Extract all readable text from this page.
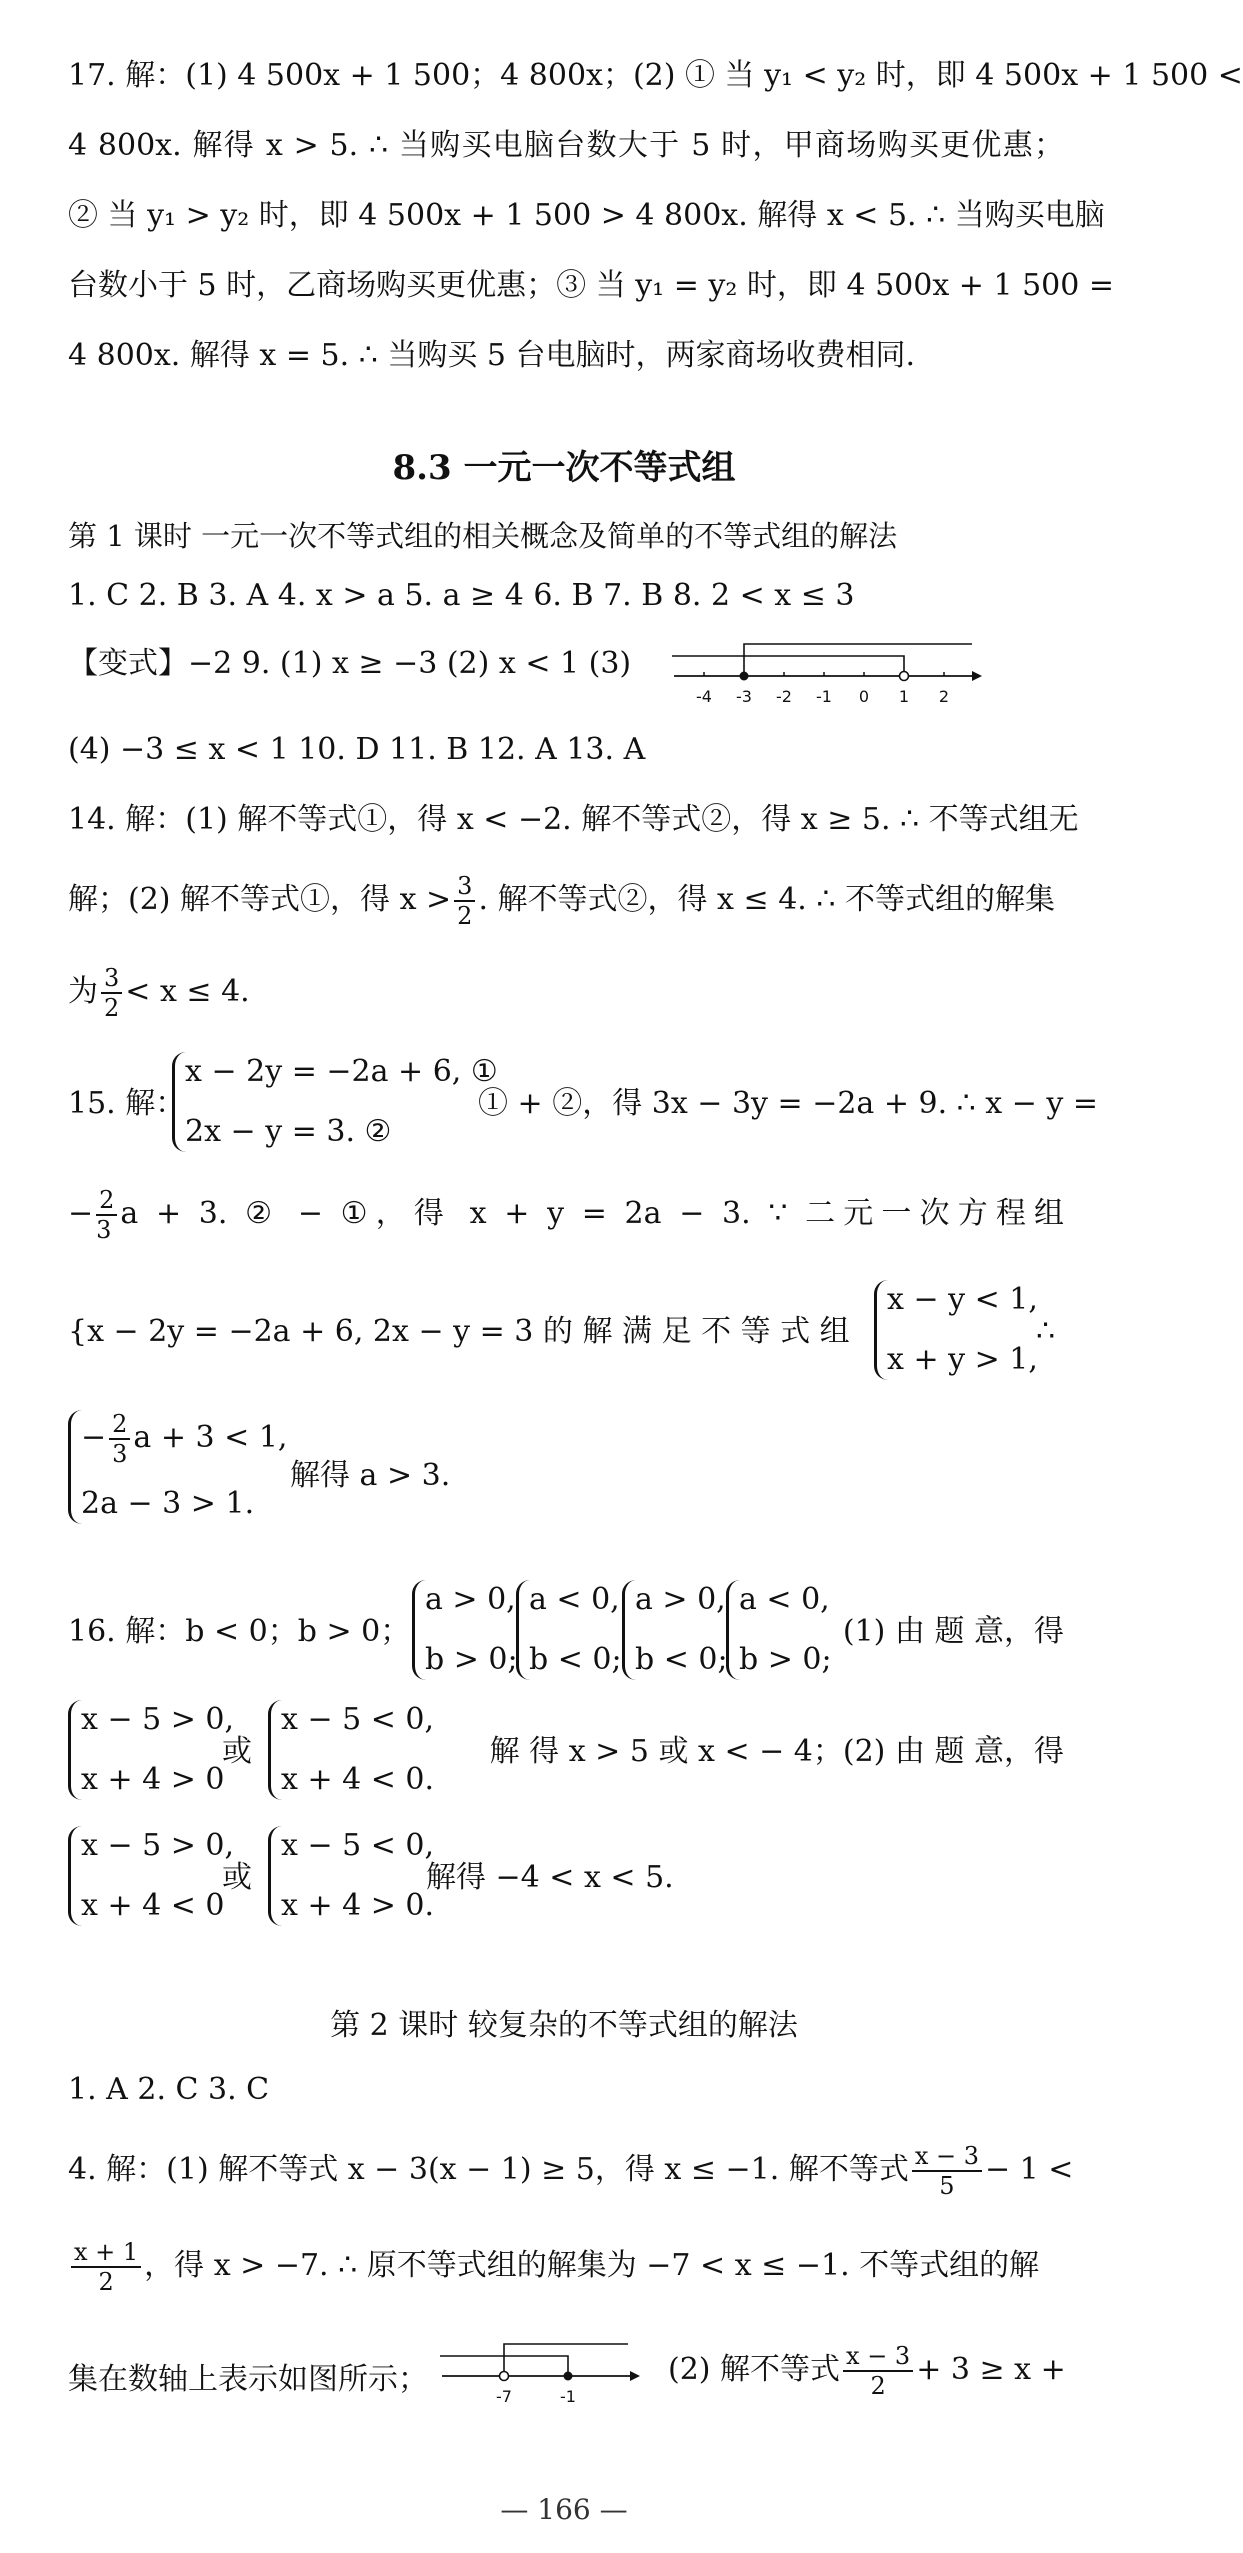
17. 解：(1) 4 500x + 1 500；4 800x；(2) ① 当 y₁ < y₂ 时，即 4 500x + 1 500 <
4 800x. 解得 x > 5. ∴ 当购买电脑台数大于 5 时，甲商场购买更优惠；
② 当 y₁ > y₂ 时，即 4 500x + 1 500 > 4 800x. 解得 x < 5. ∴ 当购买电脑
台数小于 5 时，乙商场购买更优惠；③ 当 y₁ = y₂ 时，即 4 500x + 1 500 =
4 800x. 解得 x = 5. ∴ 当购买 5 台电脑时，两家商场收费相同.
8.3 一元一次不等式组
第 1 课时 一元一次不等式组的相关概念及简单的不等式组的解法
1. C 2. B 3. A 4. x > a 5. a ≥ 4 6. B 7. B 8. 2 < x ≤ 3
【变式】−2 9. (1) x ≥ −3 (2) x < 1 (3)
-4 -3 -2 -1 0 1 2
(4) −3 ≤ x < 1 10. D 11. B 12. A 13. A
14. 解：(1) 解不等式①，得 x < −2. 解不等式②，得 x ≥ 5. ∴ 不等式组无
解；(2) 解不等式①，得 $x > \frac{3}{2}$ . 解不等式②，得 x ≤ 4. ∴ 不等式组的解集
为 $\frac{3}{2} < x \le 4$.
15. 解：
x − 2y = −2a + 6, ①
2x − y = 3. ②
① + ②，得 3x − 3y = −2a + 9. ∴ x − y =
− $\frac{2}{3}$ a + 3. ② − ①，得 x + y = 2a − 3. ∵ 二元一次方程组
{x − 2y = −2a + 6, 2x − y = 3 的 解 满 足 不 等 式 组
x − y < 1,
x + y > 1,
∴
− $\frac{2}{3}$ a + 3 < 1,
2a − 3 > 1.
解得 a > 3.
16. 解：b < 0；b > 0；
a > 0,
b > 0;
a < 0,
b < 0;
a > 0,
b < 0;
a < 0,
b > 0;
(1) 由 题 意，得
x − 5 > 0,
x + 4 > 0
或
x − 5 < 0,
x + 4 < 0.
解 得 x > 5 或 x < − 4；(2) 由 题 意，得
x − 5 > 0,
x + 4 < 0
或
x − 5 < 0,
x + 4 > 0.
解得 −4 < x < 5.
第 2 课时 较复杂的不等式组的解法
1. A 2. C 3. C
4. 解：(1) 解不等式 x − 3(x − 1) ≥ 5，得 x ≤ −1. 解不等式 $\frac{x - 3}{5} - 1$ <
$\frac{x + 1}{2}$ ，得 x > −7. ∴ 原不等式组的解集为 −7 < x ≤ −1. 不等式组的解
集在数轴上表示如图所示；	-7	-1
(2) 解不等式 $\frac{x - 3}{2} + 3 \ge x$ +
— 166 —
